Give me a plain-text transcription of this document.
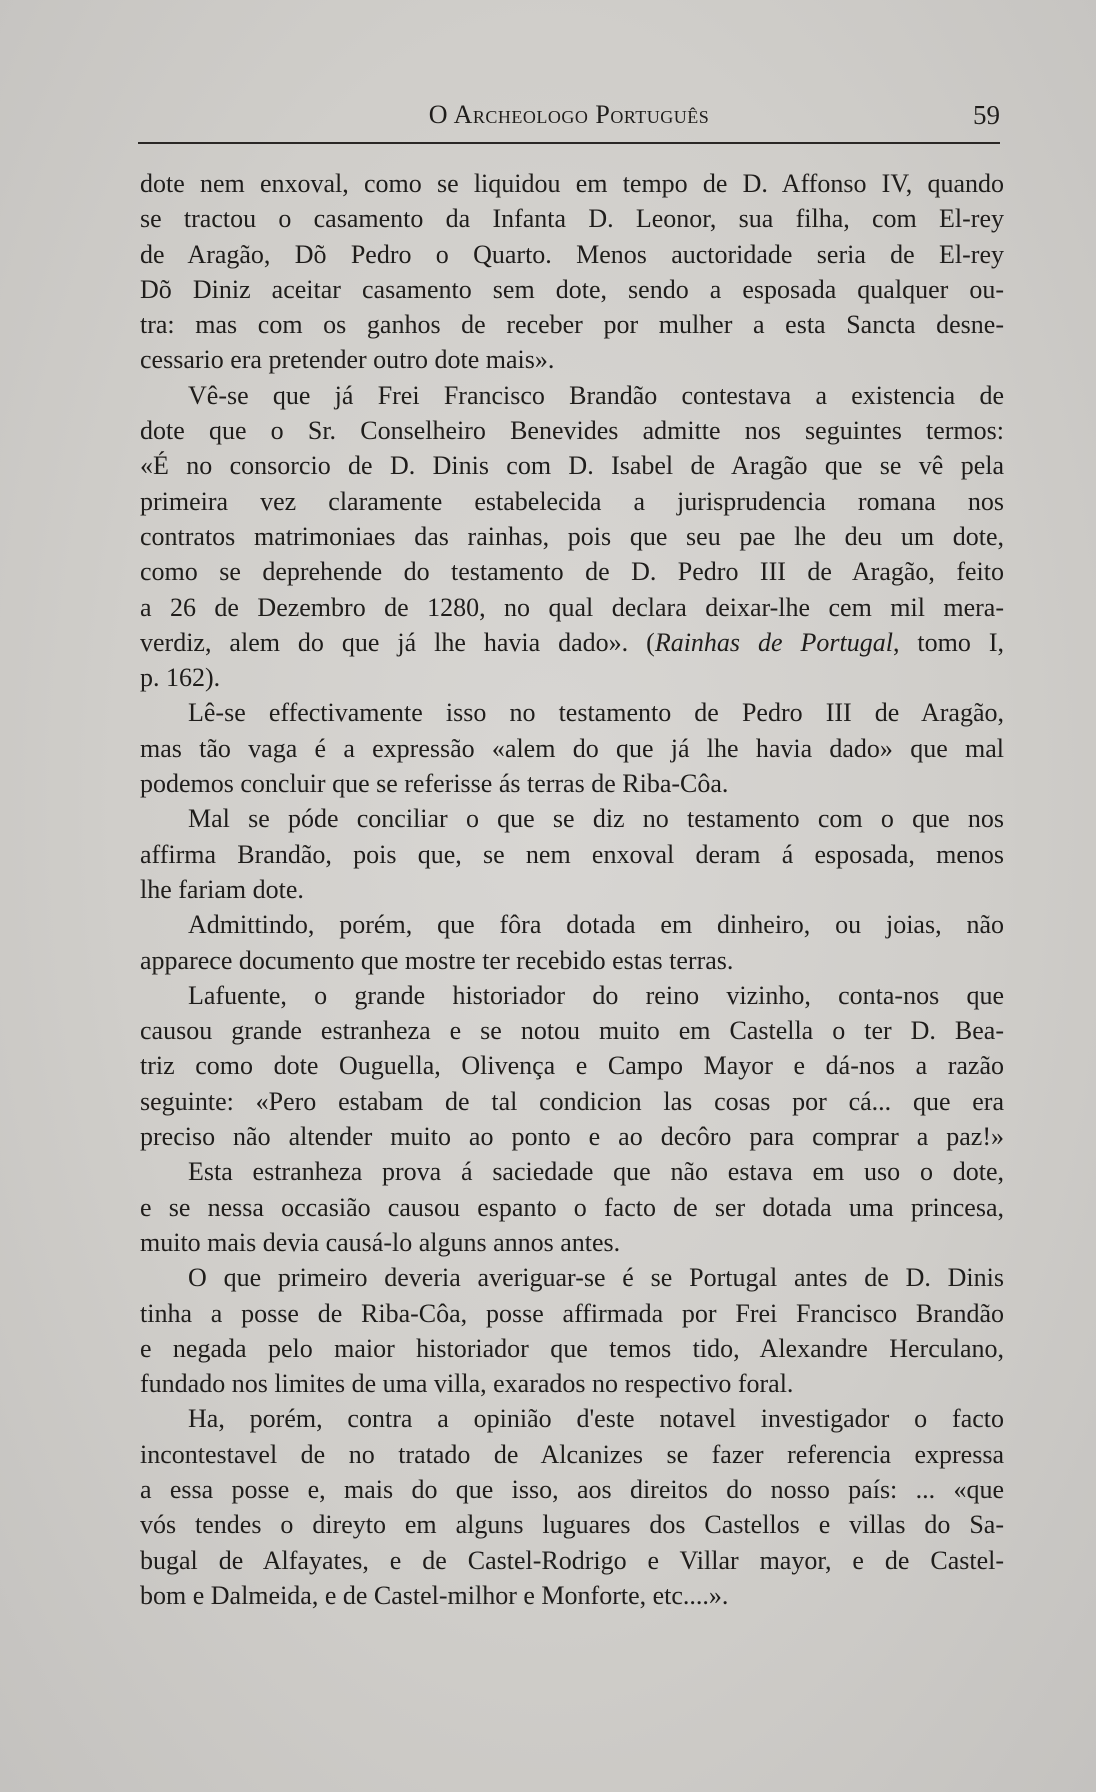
O Archeologo Português	59
dote nem enxoval, como se liquidou em tempo de D. Affonso IV, quando
se tractou o casamento da Infanta D. Leonor, sua filha, com El-rey
de Aragão, Dõ Pedro o Quarto. Menos auctoridade seria de El-rey
Dõ Diniz aceitar casamento sem dote, sendo a esposada qualquer ou-
tra: mas com os ganhos de receber por mulher a esta Sancta desne-
cessario era pretender outro dote mais».
Vê-se que já Frei Francisco Brandão contestava a existencia de
dote que o Sr. Conselheiro Benevides admitte nos seguintes termos:
«É no consorcio de D. Dinis com D. Isabel de Aragão que se vê pela
primeira vez claramente estabelecida a jurisprudencia romana nos
contratos matrimoniaes das rainhas, pois que seu pae lhe deu um dote,
como se deprehende do testamento de D. Pedro III de Aragão, feito
a 26 de Dezembro de 1280, no qual declara deixar-lhe cem mil mera-
verdiz, alem do que já lhe havia dado». (Rainhas de Portugal, tomo I,
p. 162).
Lê-se effectivamente isso no testamento de Pedro III de Aragão,
mas tão vaga é a expressão «alem do que já lhe havia dado» que mal
podemos concluir que se referisse ás terras de Riba-Côa.
Mal se póde conciliar o que se diz no testamento com o que nos
affirma Brandão, pois que, se nem enxoval deram á esposada, menos
lhe fariam dote.
Admittindo, porém, que fôra dotada em dinheiro, ou joias, não
apparece documento que mostre ter recebido estas terras.
Lafuente, o grande historiador do reino vizinho, conta-nos que
causou grande estranheza e se notou muito em Castella o ter D. Bea-
triz como dote Ouguella, Olivença e Campo Mayor e dá-nos a razão
seguinte: «Pero estabam de tal condicion las cosas por cá... que era
preciso não altender muito ao ponto e ao decôro para comprar a paz!»
Esta estranheza prova á saciedade que não estava em uso o dote,
e se nessa occasião causou espanto o facto de ser dotada uma princesa,
muito mais devia causá-lo alguns annos antes.
O que primeiro deveria averiguar-se é se Portugal antes de D. Dinis
tinha a posse de Riba-Côa, posse affirmada por Frei Francisco Brandão
e negada pelo maior historiador que temos tido, Alexandre Herculano,
fundado nos limites de uma villa, exarados no respectivo foral.
Ha, porém, contra a opinião d'este notavel investigador o facto
incontestavel de no tratado de Alcanizes se fazer referencia expressa
a essa posse e, mais do que isso, aos direitos do nosso país: ... «que
vós tendes o direyto em alguns luguares dos Castellos e villas do Sa-
bugal de Alfayates, e de Castel-Rodrigo e Villar mayor, e de Castel-
bom e Dalmeida, e de Castel-milhor e Monforte, etc....».
